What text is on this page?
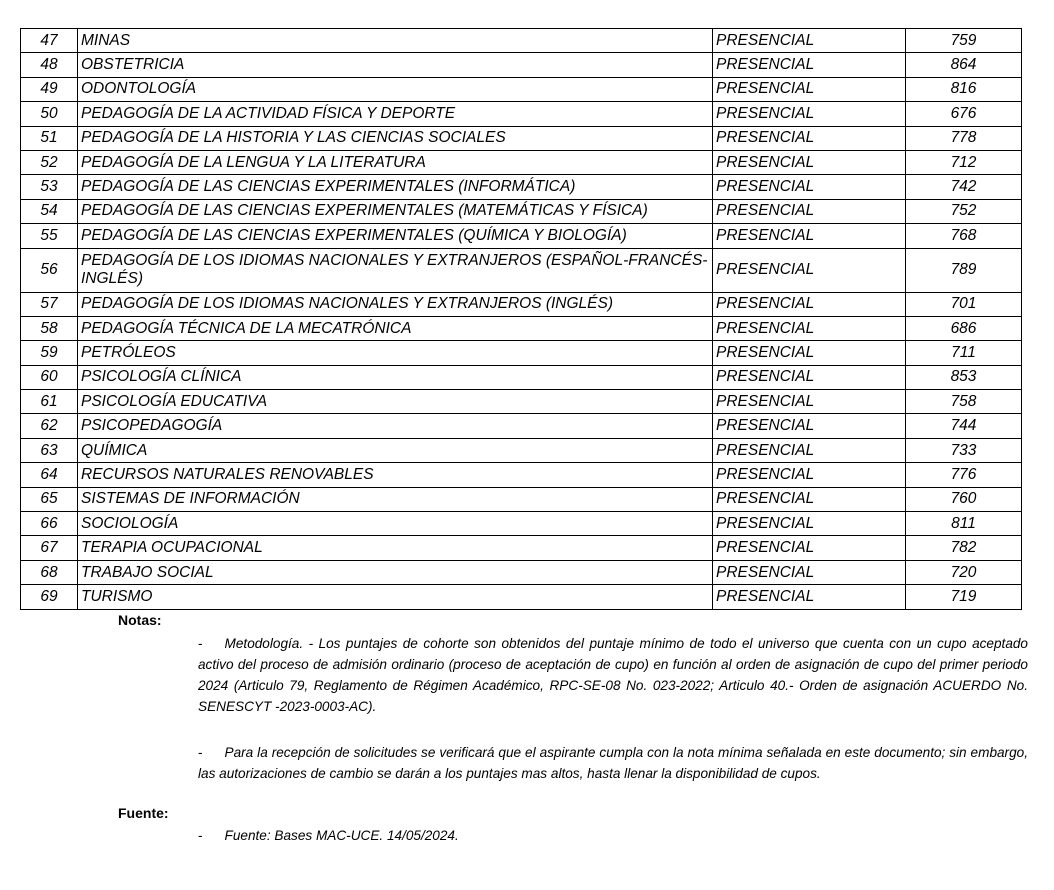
47	MINAS	PRESENCIAL	759
48	OBSTETRICIA	PRESENCIAL	864
49	ODONTOLOGÍA	PRESENCIAL	816
50	PEDAGOGÍA DE LA ACTIVIDAD FÍSICA Y DEPORTE	PRESENCIAL	676
51	PEDAGOGÍA DE LA HISTORIA Y LAS CIENCIAS SOCIALES	PRESENCIAL	778
52	PEDAGOGÍA DE LA LENGUA Y LA LITERATURA	PRESENCIAL	712
53	PEDAGOGÍA DE LAS CIENCIAS EXPERIMENTALES (INFORMÁTICA)	PRESENCIAL	742
54	PEDAGOGÍA DE LAS CIENCIAS EXPERIMENTALES (MATEMÁTICAS Y FÍSICA)	PRESENCIAL	752
55	PEDAGOGÍA DE LAS CIENCIAS EXPERIMENTALES (QUÍMICA Y BIOLOGÍA)	PRESENCIAL	768
56	PEDAGOGÍA DE LOS IDIOMAS NACIONALES Y EXTRANJEROS (ESPAÑOL-FRANCÉS- INGLÉS)	PRESENCIAL	789
57	PEDAGOGÍA DE LOS IDIOMAS NACIONALES Y EXTRANJEROS (INGLÉS)	PRESENCIAL	701
58	PEDAGOGÍA TÉCNICA DE LA MECATRÓNICA	PRESENCIAL	686
59	PETRÓLEOS	PRESENCIAL	711
60	PSICOLOGÍA CLÍNICA	PRESENCIAL	853
61	PSICOLOGÍA EDUCATIVA	PRESENCIAL	758
62	PSICOPEDAGOGÍA	PRESENCIAL	744
63	QUÍMICA	PRESENCIAL	733
64	RECURSOS NATURALES RENOVABLES	PRESENCIAL	776
65	SISTEMAS DE INFORMACIÓN	PRESENCIAL	760
66	SOCIOLOGÍA	PRESENCIAL	811
67	TERAPIA OCUPACIONAL	PRESENCIAL	782
68	TRABAJO SOCIAL	PRESENCIAL	720
69	TURISMO	PRESENCIAL	719
Notas:
- Metodología. - Los puntajes de cohorte son obtenidos del puntaje mínimo de todo el universo que cuenta con un cupo aceptado activo del proceso de admisión ordinario (proceso de aceptación de cupo) en función al orden de asignación de cupo del primer periodo 2024 (Articulo 79, Reglamento de Régimen Académico, RPC-SE-08 No. 023-2022; Articulo 40.- Orden de asignación ACUERDO No. SENESCYT -2023-0003-AC).
- Para la recepción de solicitudes se verificará que el aspirante cumpla con la nota mínima señalada en este documento; sin embargo, las autorizaciones de cambio se darán a los puntajes mas altos, hasta llenar la disponibilidad de cupos.
Fuente:
- Fuente: Bases MAC-UCE. 14/05/2024.
